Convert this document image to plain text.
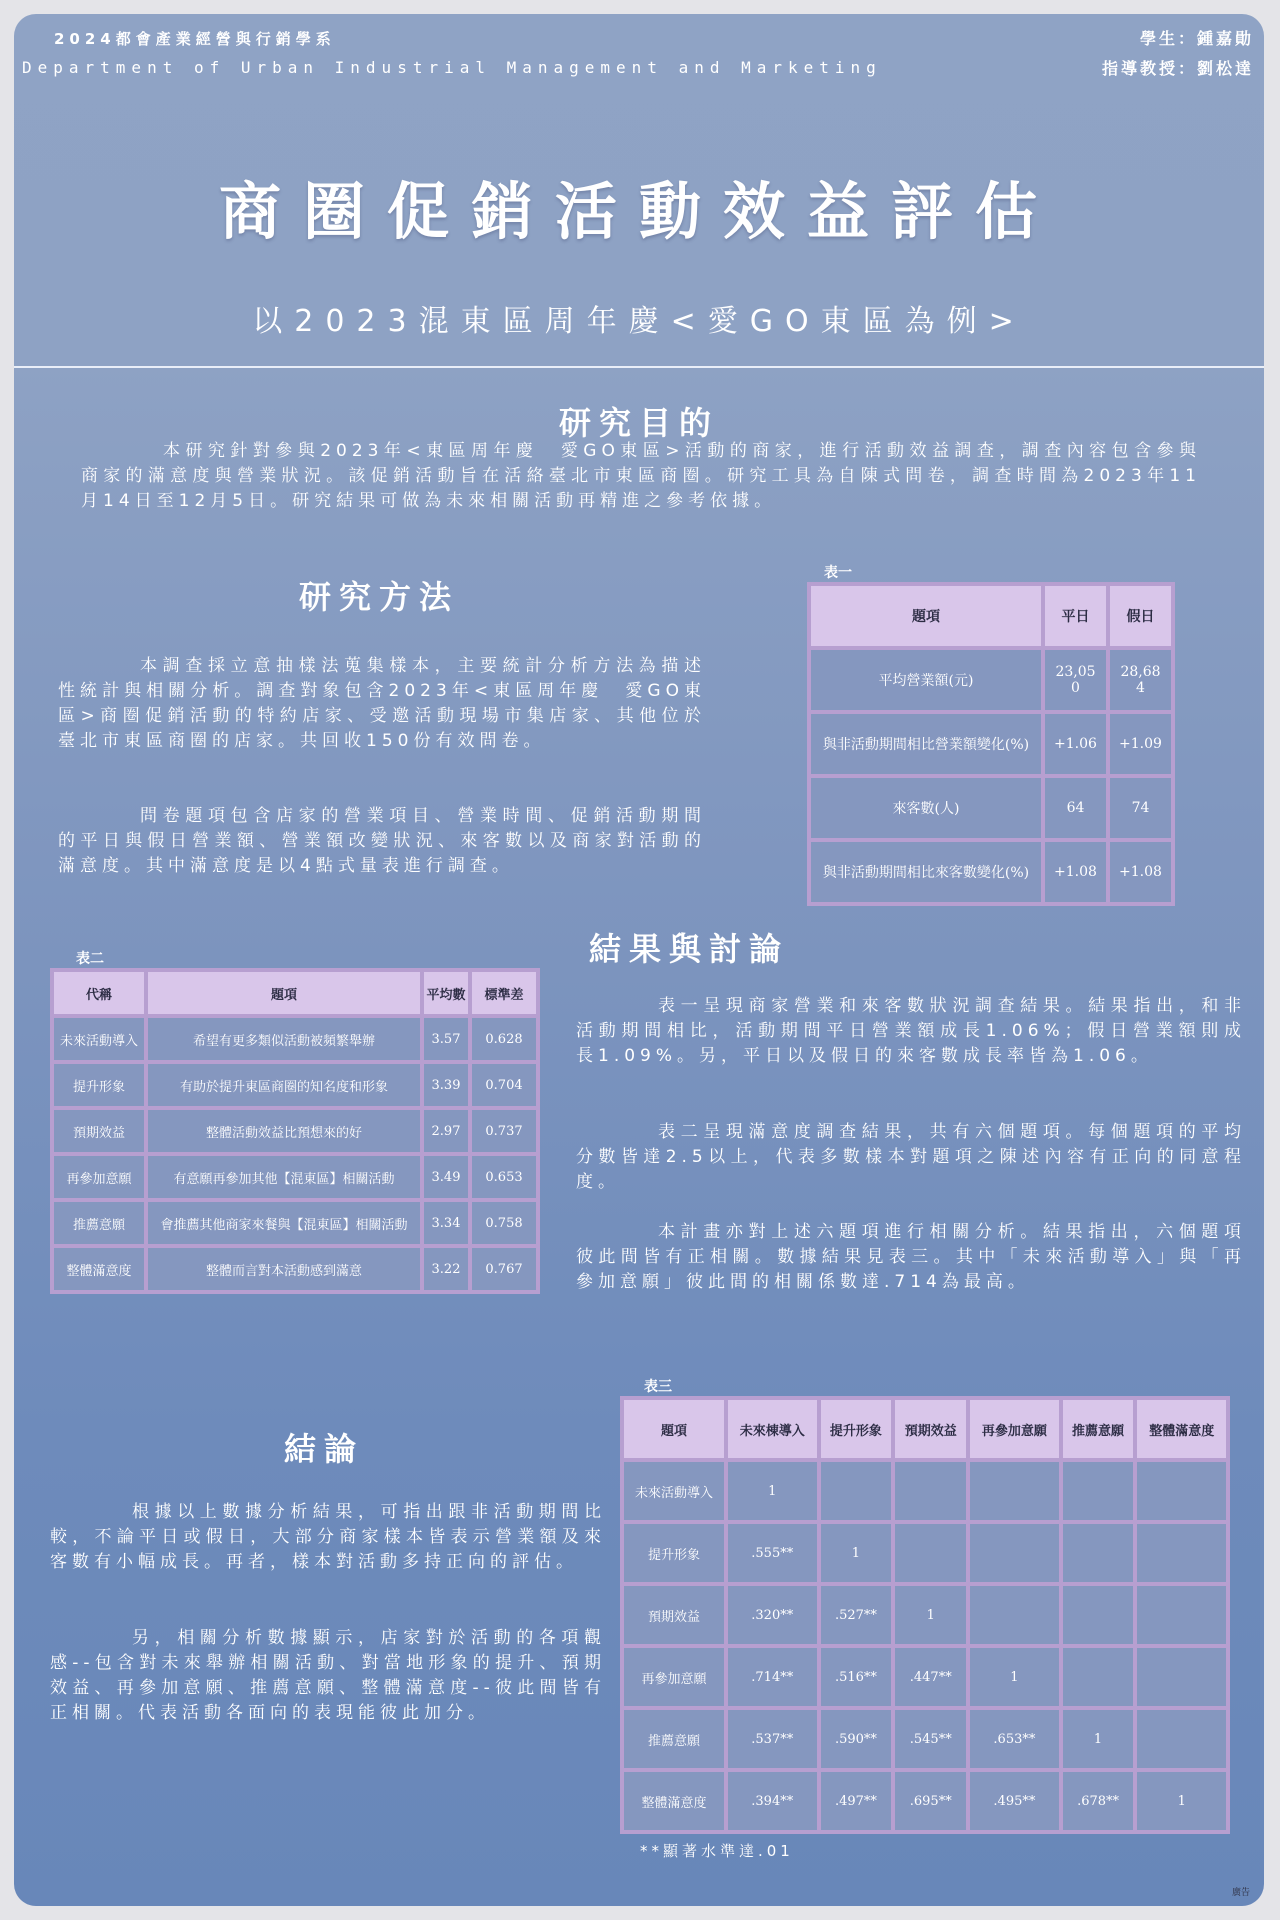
2024都會產業經營與行銷學系
Department of Urban Industrial Management and Marketing
學生：鍾嘉勛
指導教授：劉松達
商圈促銷活動效益評估
以2023混東區周年慶<愛GO東區為例>
研究目的

本研究針對參與2023年<東區周年慶　愛GO東區>活動的商家，進行活動效益調查，調查內容包含參與商家的滿意度與營業狀況。該促銷活動旨在活絡臺北市東區商圈。研究工具為自陳式問卷，調查時間為2023年11月14日至12月5日。研究結果可做為未來相關活動再精進之參考依據。

研究方法

本調查採立意抽樣法蒐集樣本，主要統計分析方法為描述性統計與相關分析。調查對象包含2023年<東區周年慶　愛GO東區>商圈促銷活動的特約店家、受邀活動現場市集店家、其他位於臺北市東區商圈的店家。共回收150份有效問卷。

問卷題項包含店家的營業項目、營業時間、促銷活動期間的平日與假日營業額、營業額改變狀況、來客數以及商家對活動的滿意度。其中滿意度是以4點式量表進行調查。

表一
題項	平日	假日
平均營業額(元)	23,050	28,684
與非活動期間相比營業額變化(%)	+1.06	+1.09
來客數(人)	64	74
與非活動期間相比來客數變化(%)	+1.08	+1.08
表二
代稱	題項	平均數	標準差
未來活動導入	希望有更多類似活動被頻繁舉辦	3.57	0.628
提升形象	有助於提升東區商圈的知名度和形象	3.39	0.704
預期效益	整體活動效益比預想來的好	2.97	0.737
再參加意願	有意願再參加其他【混東區】相關活動	3.49	0.653
推薦意願	會推薦其他商家來餐與【混東區】相關活動	3.34	0.758
整體滿意度	整體而言對本活動感到滿意	3.22	0.767
結果與討論

表一呈現商家營業和來客數狀況調查結果。結果指出，和非活動期間相比，活動期間平日營業額成長1.06%；假日營業額則成長1.09%。另，平日以及假日的來客數成長率皆為1.06。

表二呈現滿意度調查結果，共有六個題項。每個題項的平均分數皆達2.5以上，代表多數樣本對題項之陳述內容有正向的同意程度。

本計畫亦對上述六題項進行相關分析。結果指出，六個題項彼此間皆有正相關。數據結果見表三。其中「未來活動導入」與「再參加意願」彼此間的相關係數達.714為最高。

結論

根據以上數據分析結果，可指出跟非活動期間比較，不論平日或假日，大部分商家樣本皆表示營業額及來客數有小幅成長。再者，樣本對活動多持正向的評估。

另，相關分析數據顯示，店家對於活動的各項觀感--包含對未來舉辦相關活動、對當地形象的提升、預期效益、再參加意願、推薦意願、整體滿意度--彼此間皆有正相關。代表活動各面向的表現能彼此加分。

表三
題項	未來棟導入	提升形象	預期效益	再參加意願	推薦意願	整體滿意度
未來活動導入	1					
提升形象	.555**	1				
預期效益	.320**	.527**	1			
再參加意願	.714**	.516**	.447**	1		
推薦意願	.537**	.590**	.545**	.653**	1	
整體滿意度	.394**	.497**	.695**	.495**	.678**	1
**顯著水準達.01
廣告
